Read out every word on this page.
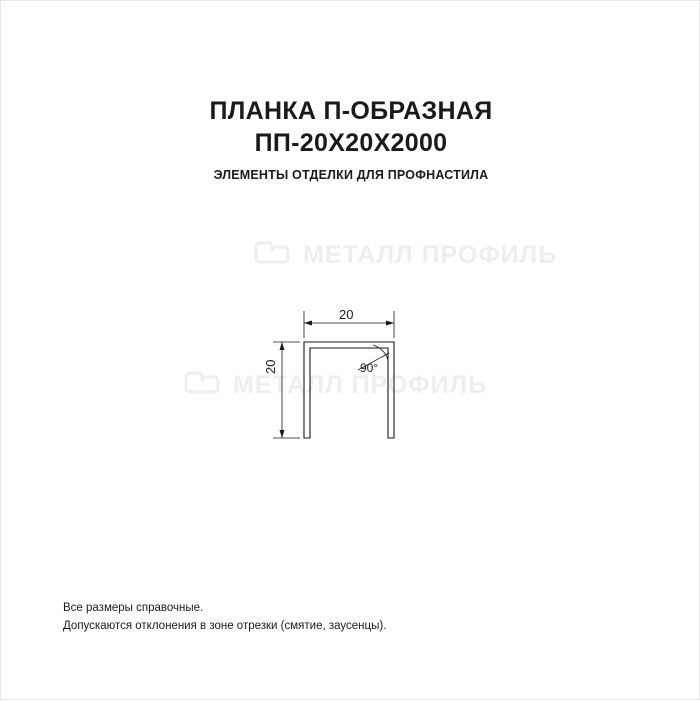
ПЛАНКА П-ОБРАЗНАЯ
ПП-20Х20Х2000
ЭЛЕМЕНТЫ ОТДЕЛКИ ДЛЯ ПРОФНАСТИЛА
МЕТАЛЛ ПРОФИЛЬ
МЕТАЛЛ ПРОФИЛЬ
20
20	90°
Все размеры справочные.
Допускаются отклонения в зоне отрезки (смятие, заусенцы).
